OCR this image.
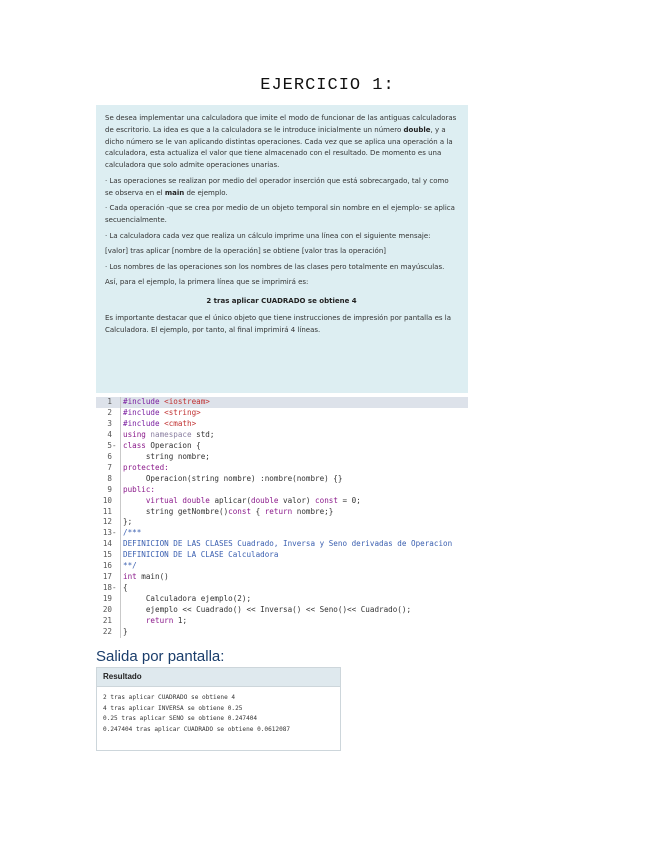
EJERCICIO 1:

Se desea implementar una calculadora que imite el modo de funcionar de las antiguas calculadoras de escritorio. La idea es que a la calculadora se le introduce inicialmente un número double, y a dicho número se le van aplicando distintas operaciones. Cada vez que se aplica una operación a la calculadora, esta actualiza el valor que tiene almacenado con el resultado. De momento es una calculadora que solo admite operaciones unarias.

· Las operaciones se realizan por medio del operador inserción que está sobrecargado, tal y como se observa en el main de ejemplo.

· Cada operación -que se crea por medio de un objeto temporal sin nombre en el ejemplo- se aplica secuencialmente.

· La calculadora cada vez que realiza un cálculo imprime una línea con el siguiente mensaje:

[valor] tras aplicar [nombre de la operación] se obtiene [valor tras la operación]

· Los nombres de las operaciones son los nombres de las clases pero totalmente en mayúsculas.

Así, para el ejemplo, la primera línea que se imprimirá es:

2 tras aplicar CUADRADO se obtiene 4

Es importante destacar que el único objeto que tiene instrucciones de impresión por pantalla es la Calculadora. El ejemplo, por tanto, al final imprimirá 4 líneas.

1	#include <iostream>
2	#include <string>
3	#include <cmath>
4	using namespace std;
5 - class Operacion {
6	string nombre;
7	protected:
8	Operacion(string nombre) :nombre(nombre) {}
9	public:
10	virtual double aplicar(double valor) const = 0;
11	string getNombre()const { return nombre;}
12	};
13 - /***
14	DEFINICION DE LAS CLASES Cuadrado, Inversa y Seno derivadas de Operacion
15	DEFINICION DE LA CLASE Calculadora
16	**/
17	int main()
18 - {
19	Calculadora ejemplo(2);
20	ejemplo << Cuadrado() << Inversa() << Seno()<< Cuadrado();
21	return 1;
22	}
Salida por pantalla:
Resultado
2 tras aplicar CUADRADO se obtiene 4
4 tras aplicar INVERSA se obtiene 0.25
0.25 tras aplicar SENO se obtiene 0.247404
0.247404 tras aplicar CUADRADO se obtiene 0.0612087
